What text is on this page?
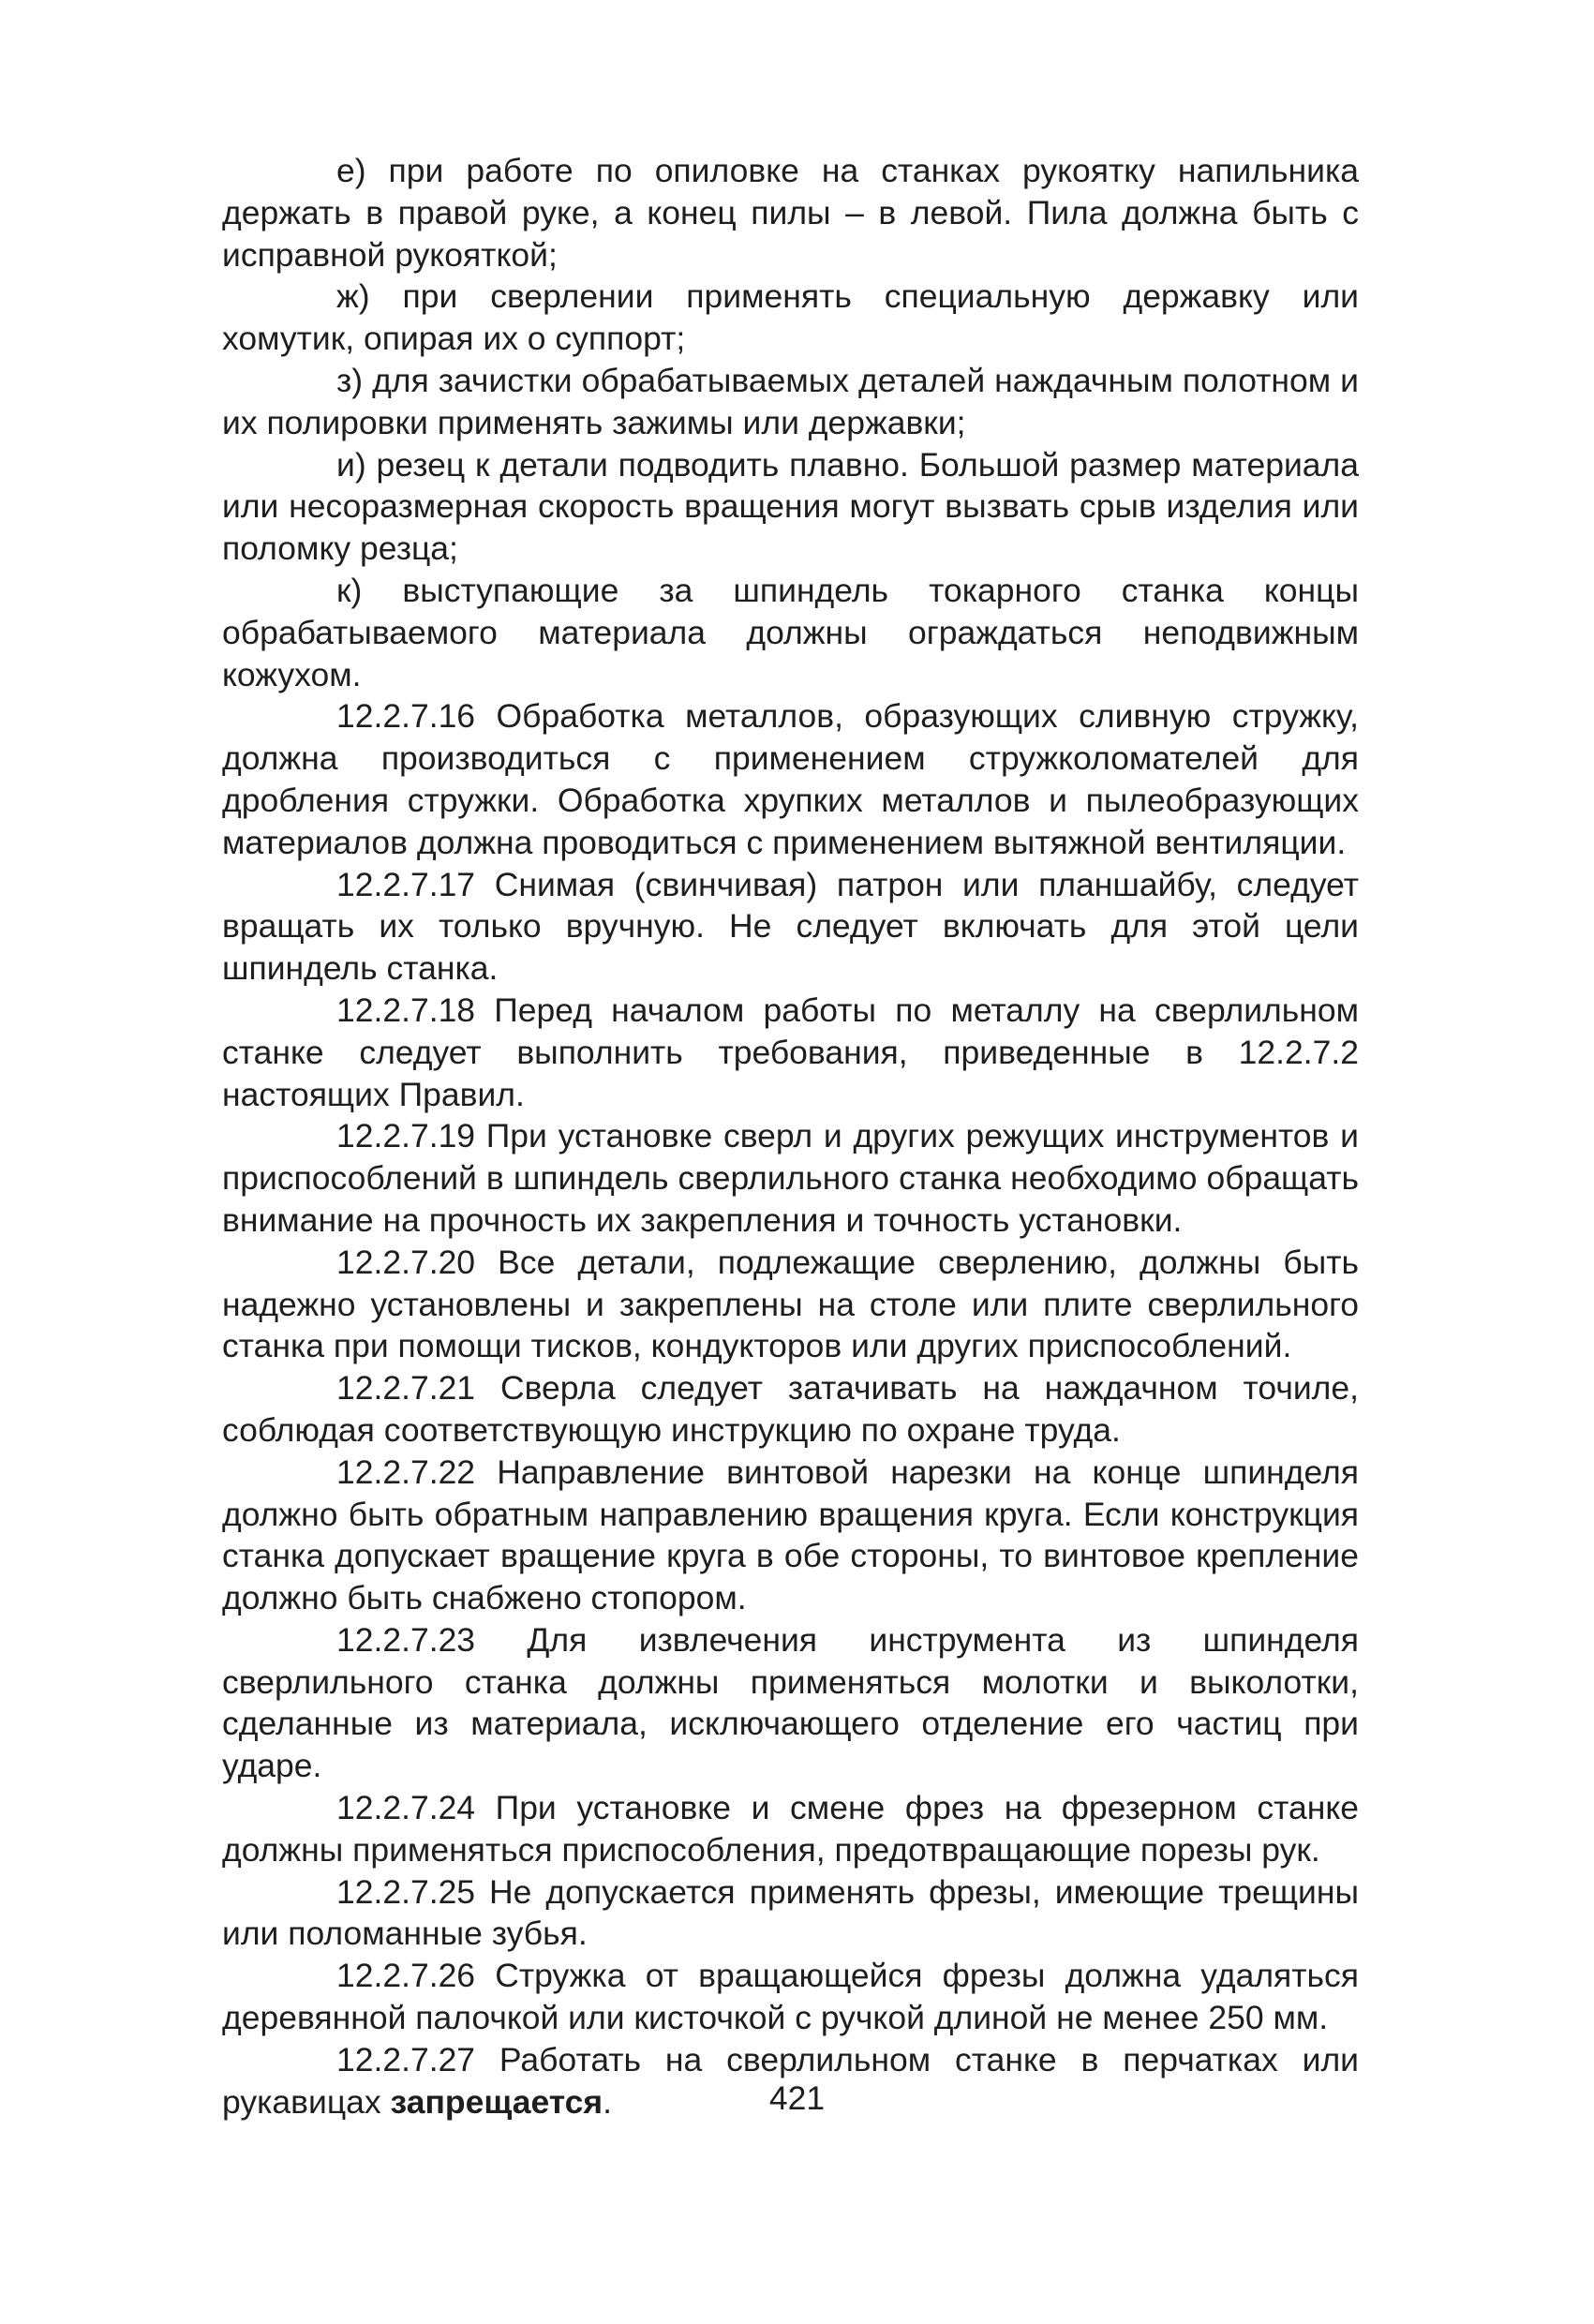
е) при работе по опиловке на станках рукоятку напильника держать в правой руке, а конец пилы – в левой. Пила должна быть с исправной рукояткой;

ж) при сверлении применять специальную державку или хомутик, опирая их о суппорт;

з) для зачистки обрабатываемых деталей наждачным полотном и их полировки применять зажимы или державки;

и) резец к детали подводить плавно. Большой размер материала или несоразмерная скорость вращения могут вызвать срыв изделия или поломку резца;

к) выступающие за шпиндель токарного станка концы обрабатываемого материала должны ограждаться неподвижным кожухом.

12.2.7.16 Обработка металлов, образующих сливную стружку, должна производиться с применением стружколомателей для дробления стружки. Обработка хрупких металлов и пылеобразующих материалов должна проводиться с применением вытяжной вентиляции.

12.2.7.17 Снимая (свинчивая) патрон или планшайбу, следует вращать их только вручную. Не следует включать для этой цели шпиндель станка.

12.2.7.18 Перед началом работы по металлу на сверлильном станке следует выполнить требования, приведенные в 12.2.7.2 настоящих Правил.

12.2.7.19 При установке сверл и других режущих инструментов и приспособлений в шпиндель сверлильного станка необходимо обращать внимание на прочность их закрепления и точность установки.

12.2.7.20 Все детали, подлежащие сверлению, должны быть надежно установлены и закреплены на столе или плите сверлильного станка при помощи тисков, кондукторов или других приспособлений.

12.2.7.21 Сверла следует затачивать на наждачном точиле, соблюдая соответствующую инструкцию по охране труда.

12.2.7.22 Направление винтовой нарезки на конце шпинделя должно быть обратным направлению вращения круга. Если конструкция станка допускает вращение круга в обе стороны, то винтовое крепление должно быть снабжено стопором.

12.2.7.23 Для извлечения инструмента из шпинделя сверлильного станка должны применяться молотки и выколотки, сделанные из материала, исключающего отделение его частиц при ударе.

12.2.7.24 При установке и смене фрез на фрезерном станке должны применяться приспособления, предотвращающие порезы рук.

12.2.7.25 Не допускается применять фрезы, имеющие трещины или поломанные зубья.

12.2.7.26 Стружка от вращающейся фрезы должна удаляться деревянной палочкой или кисточкой с ручкой длиной не менее 250 мм.

12.2.7.27 Работать на сверлильном станке в перчатках или рукавицах запрещается.	421
